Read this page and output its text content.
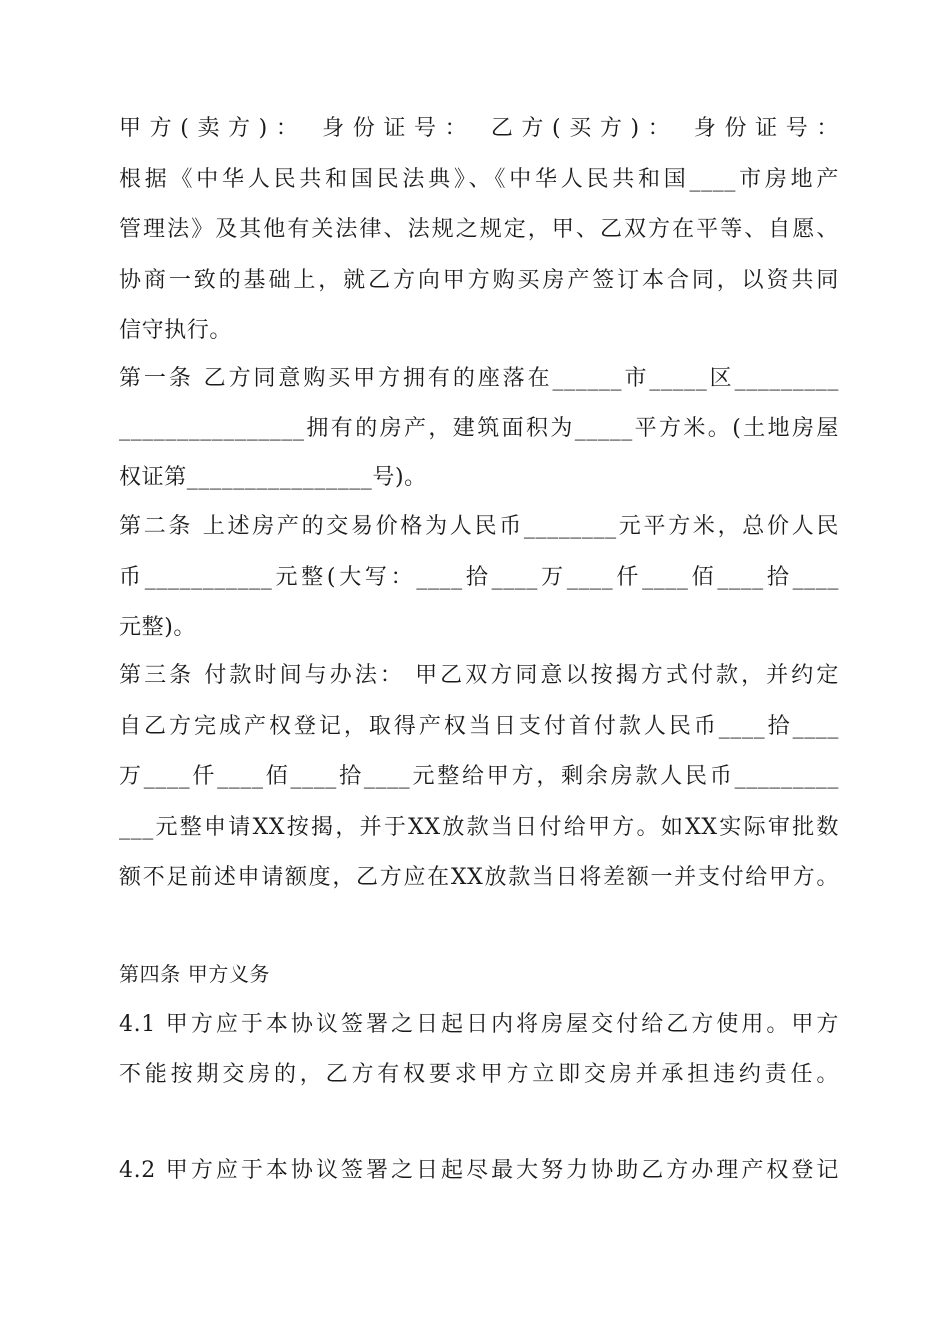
甲方(卖方)： 身份证号： 乙方(买方)： 身份证号：
根据《中华人民共和国民法典》、《中华人民共和国____市房地产
管理法》及其他有关法律、法规之规定，甲、乙双方在平等、自愿、
协商一致的基础上，就乙方向甲方购买房产签订本合同，以资共同
信守执行。
第一条 乙方同意购买甲方拥有的座落在______市_____区_________
________________拥有的房产，建筑面积为_____平方米。(土地房屋
权证第________________号)。
第二条 上述房产的交易价格为人民币________元平方米，总价人民
币___________元整(大写：____拾____万____仟____佰____拾____
元整)。
第三条 付款时间与办法： 甲乙双方同意以按揭方式付款，并约定
自乙方完成产权登记，取得产权当日支付首付款人民币____拾____
万____仟____佰____拾____元整给甲方，剩余房款人民币_________
___元整申请XX按揭，并于XX放款当日付给甲方。如XX实际审批数
额不足前述申请额度，乙方应在XX放款当日将差额一并支付给甲方。
第四条 甲方义务
4.1 甲方应于本协议签署之日起日内将房屋交付给乙方使用。甲方
不能按期交房的，乙方有权要求甲方立即交房并承担违约责任。
4.2 甲方应于本协议签署之日起尽最大努力协助乙方办理产权登记
